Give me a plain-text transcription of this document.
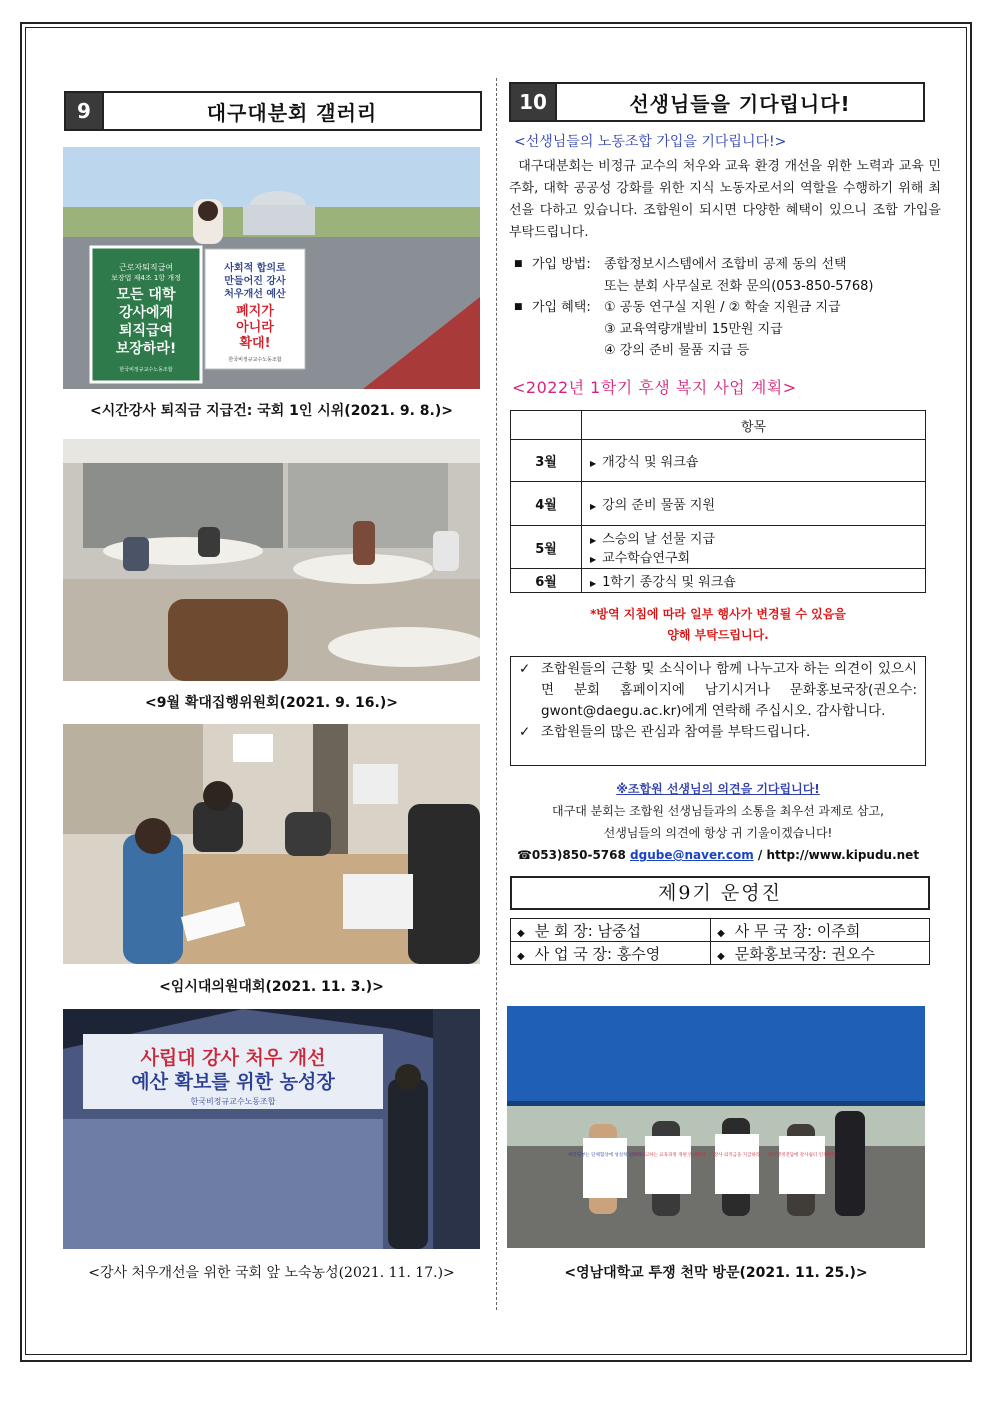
9	대구대분회 갤러리
근로자퇴직급여
보장법 제4조 1항 개정
모든 대학
강사에게
퇴직급여
보장하라!
한국비정규교수노동조합
사회적 합의로
만들어진 강사
처우개선 예산
폐지가
아니라
확대!
한국비정규교수노동조합
<시간강사 퇴직금 지급건: 국회 1인 시위(2021. 9. 8.)>
<9월 확대집행위원회(2021. 9. 16.)>
<임시대의원대회(2021. 11. 3.)>
사립대 강사 처우 개선
예산 확보를 위한 농성장
한국비정규교수노동조합
<강사 처우개선을 위한 국회 앞 노숙농성(2021. 11. 17.)>
10	선생님들을 기다립니다!
<선생님들의 노동조합 가입을 기다립니다!>
대구대분회는 비정규 교수의 처우와 교육 환경 개선을 위한 노력과 교육 민주화, 대학 공공성 강화를 위한 지식 노동자로서의 역할을 수행하기 위해 최선을 다하고 있습니다. 조합원이 되시면 다양한 혜택이 있으니 조합 가입을 부탁드립니다.
■ 가입 방법:	종합정보시스템에서 조합비 공제 동의 선택
또는 분회 사무실로 전화 문의(053-850-5768)
■ 가입 혜택:	① 공동 연구실 지원 / ② 학술 지원금 지급
③ 교육역량개발비 15만원 지급
④ 강의 준비 물품 지급 등
<2022년 1학기 후생 복지 사업 계획>
	항목
3월	▶ 개강식 및 워크숍
4월	▶ 강의 준비 물품 지원
5월	▶ 스승의 날 선물 지급
▶ 교수학습연구회

6월	▶ 1학기 종강식 및 워크숍
*방역 지침에 따라 일부 행사가 변경될 수 있음을
양해 부탁드립니다.
✓ 조합원들의 근황 및 소식이나 함께 나누고자 하는 의견이 있으시면 분회 홈페이지에 남기시거나 문화홍보국장(권오수: gwont@daegu.ac.kr)에게 연락해 주십시오. 감사합니다.
✓ 조합원들의 많은 관심과 참여를 부탁드립니다.
※조합원 선생님의 의견을 기다립니다!
대구대 분회는 조합원 선생님들과의 소통을 최우선 과제로 삼고,
선생님들의 의견에 항상 귀 기울이겠습니다!
☎053)850-5768 dgube@naver.com / http://www.kipudu.net
제9기 운영진
◆ 분 회 장: 남중섭	◆ 사 무 국 장: 이주희
◆ 사 업 국 장: 홍수영	◆ 문화홍보국장: 권오수
대학원부는 단체협상에 성실히 임하라
강사 해고하는 교육과정 개편 반대한다 강사 퇴직금을 지급하라 대학행정전담에 강사쉼터 인정하라
<영남대학교 투쟁 천막 방문(2021. 11. 25.)>
